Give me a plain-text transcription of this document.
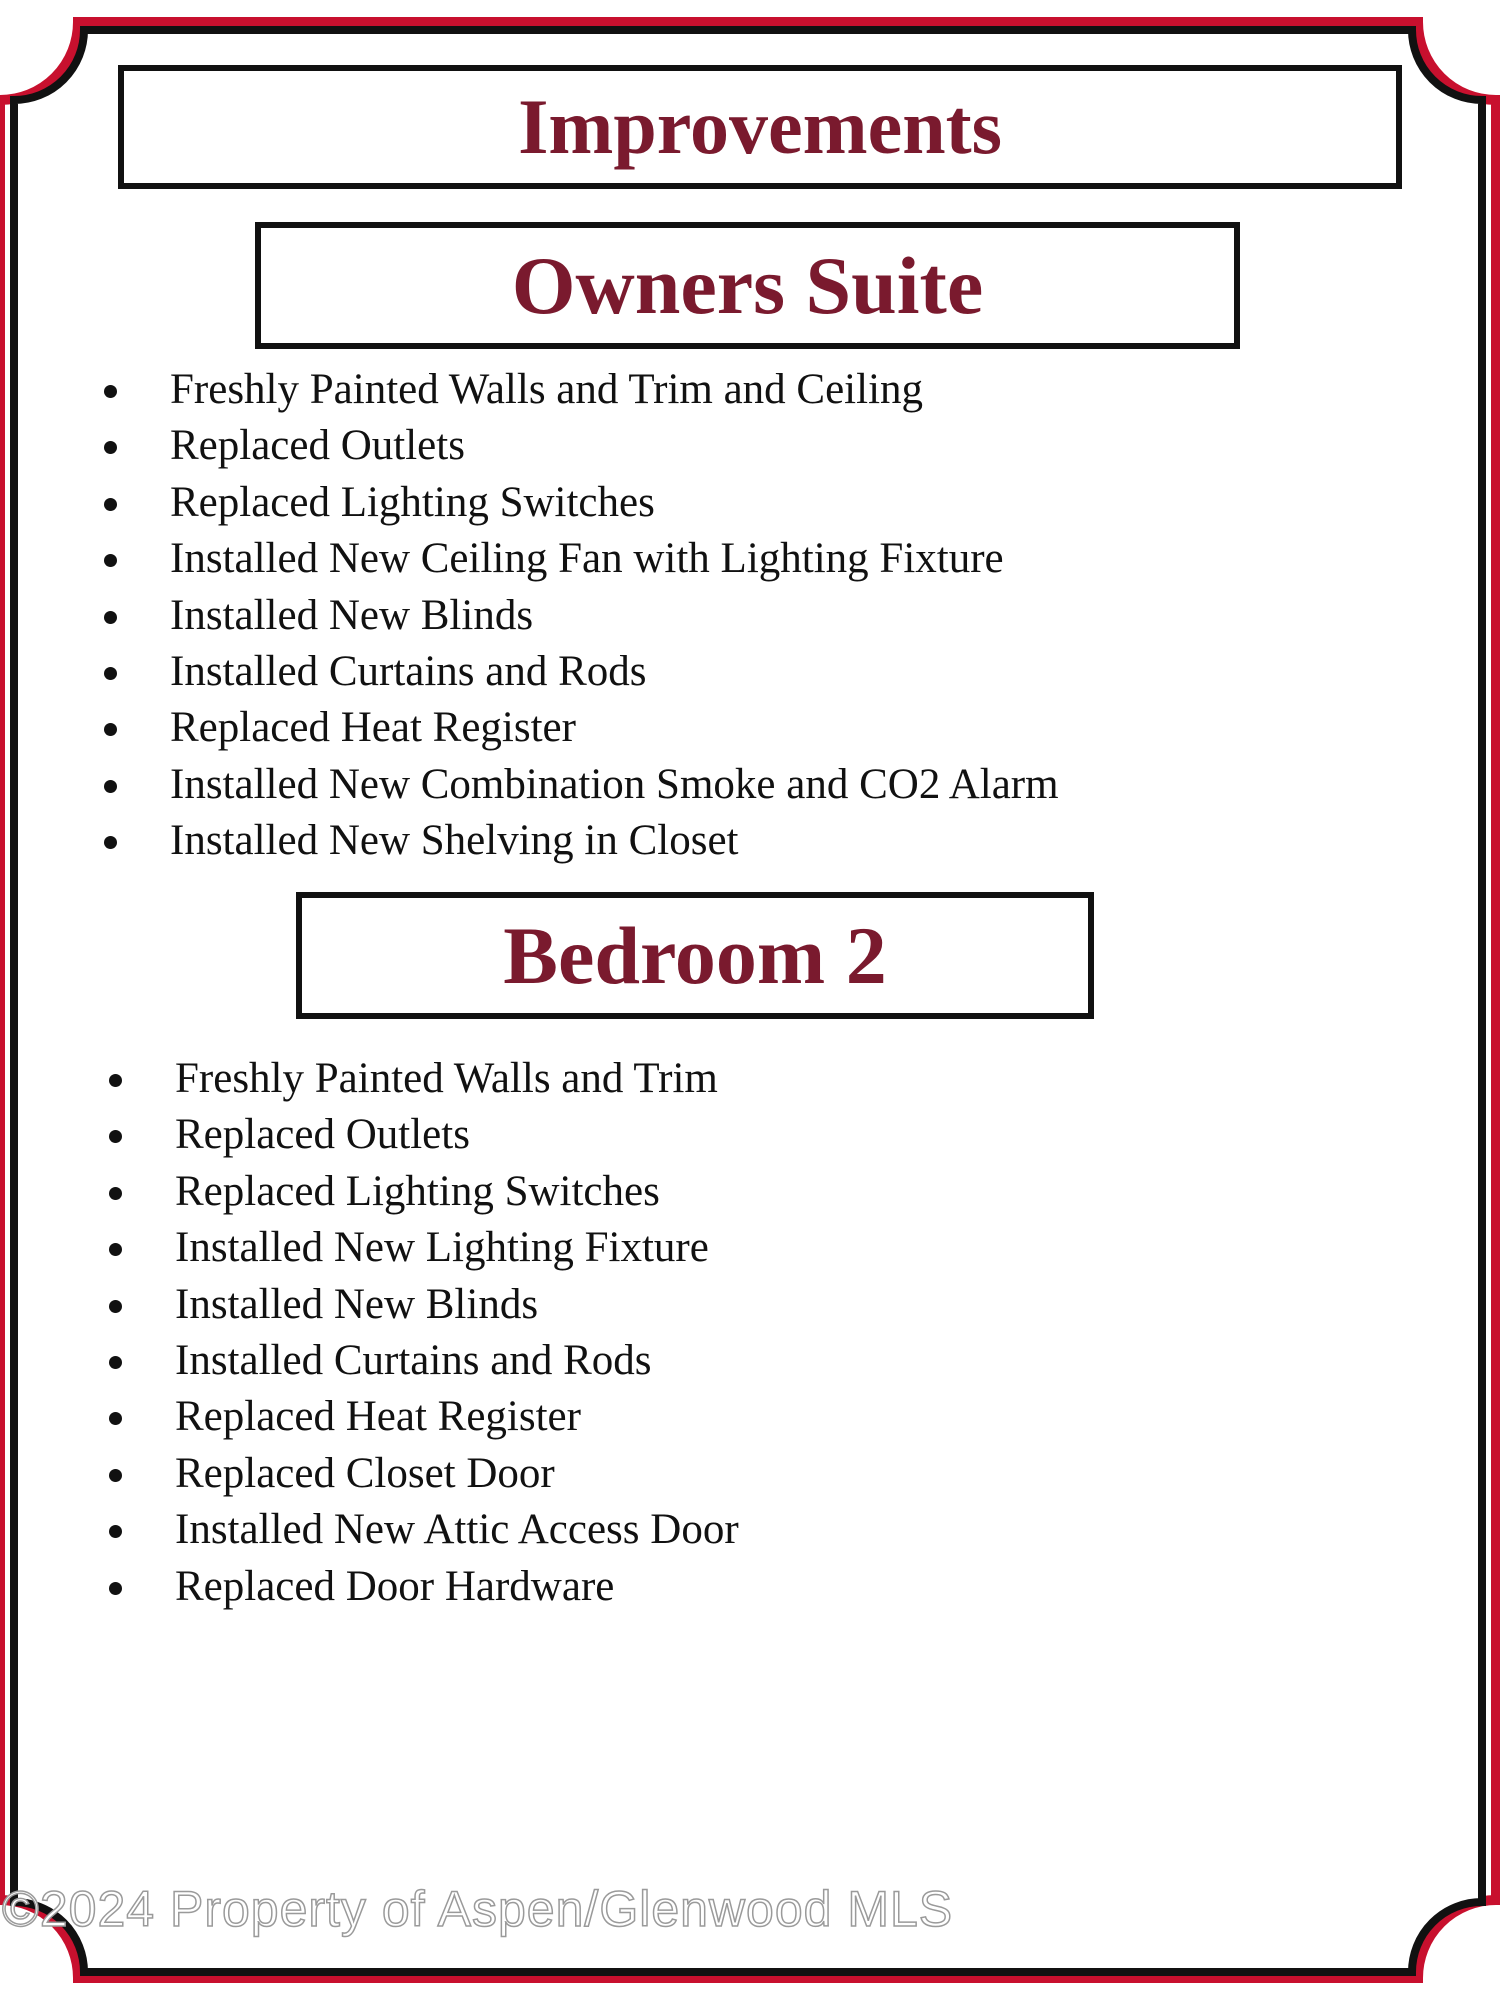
Improvements
Owners Suite
Freshly Painted Walls and Trim and Ceiling
Replaced Outlets
Replaced Lighting Switches
Installed New Ceiling Fan with Lighting Fixture
Installed New Blinds
Installed Curtains and Rods
Replaced Heat Register
Installed New Combination Smoke and CO2 Alarm
Installed New Shelving in Closet
Bedroom 2
Freshly Painted Walls and Trim
Replaced Outlets
Replaced Lighting Switches
Installed New Lighting Fixture
Installed New Blinds
Installed Curtains and Rods
Replaced Heat Register
Replaced Closet Door
Installed New Attic Access Door
Replaced Door Hardware
©2024 Property of Aspen/Glenwood MLS
